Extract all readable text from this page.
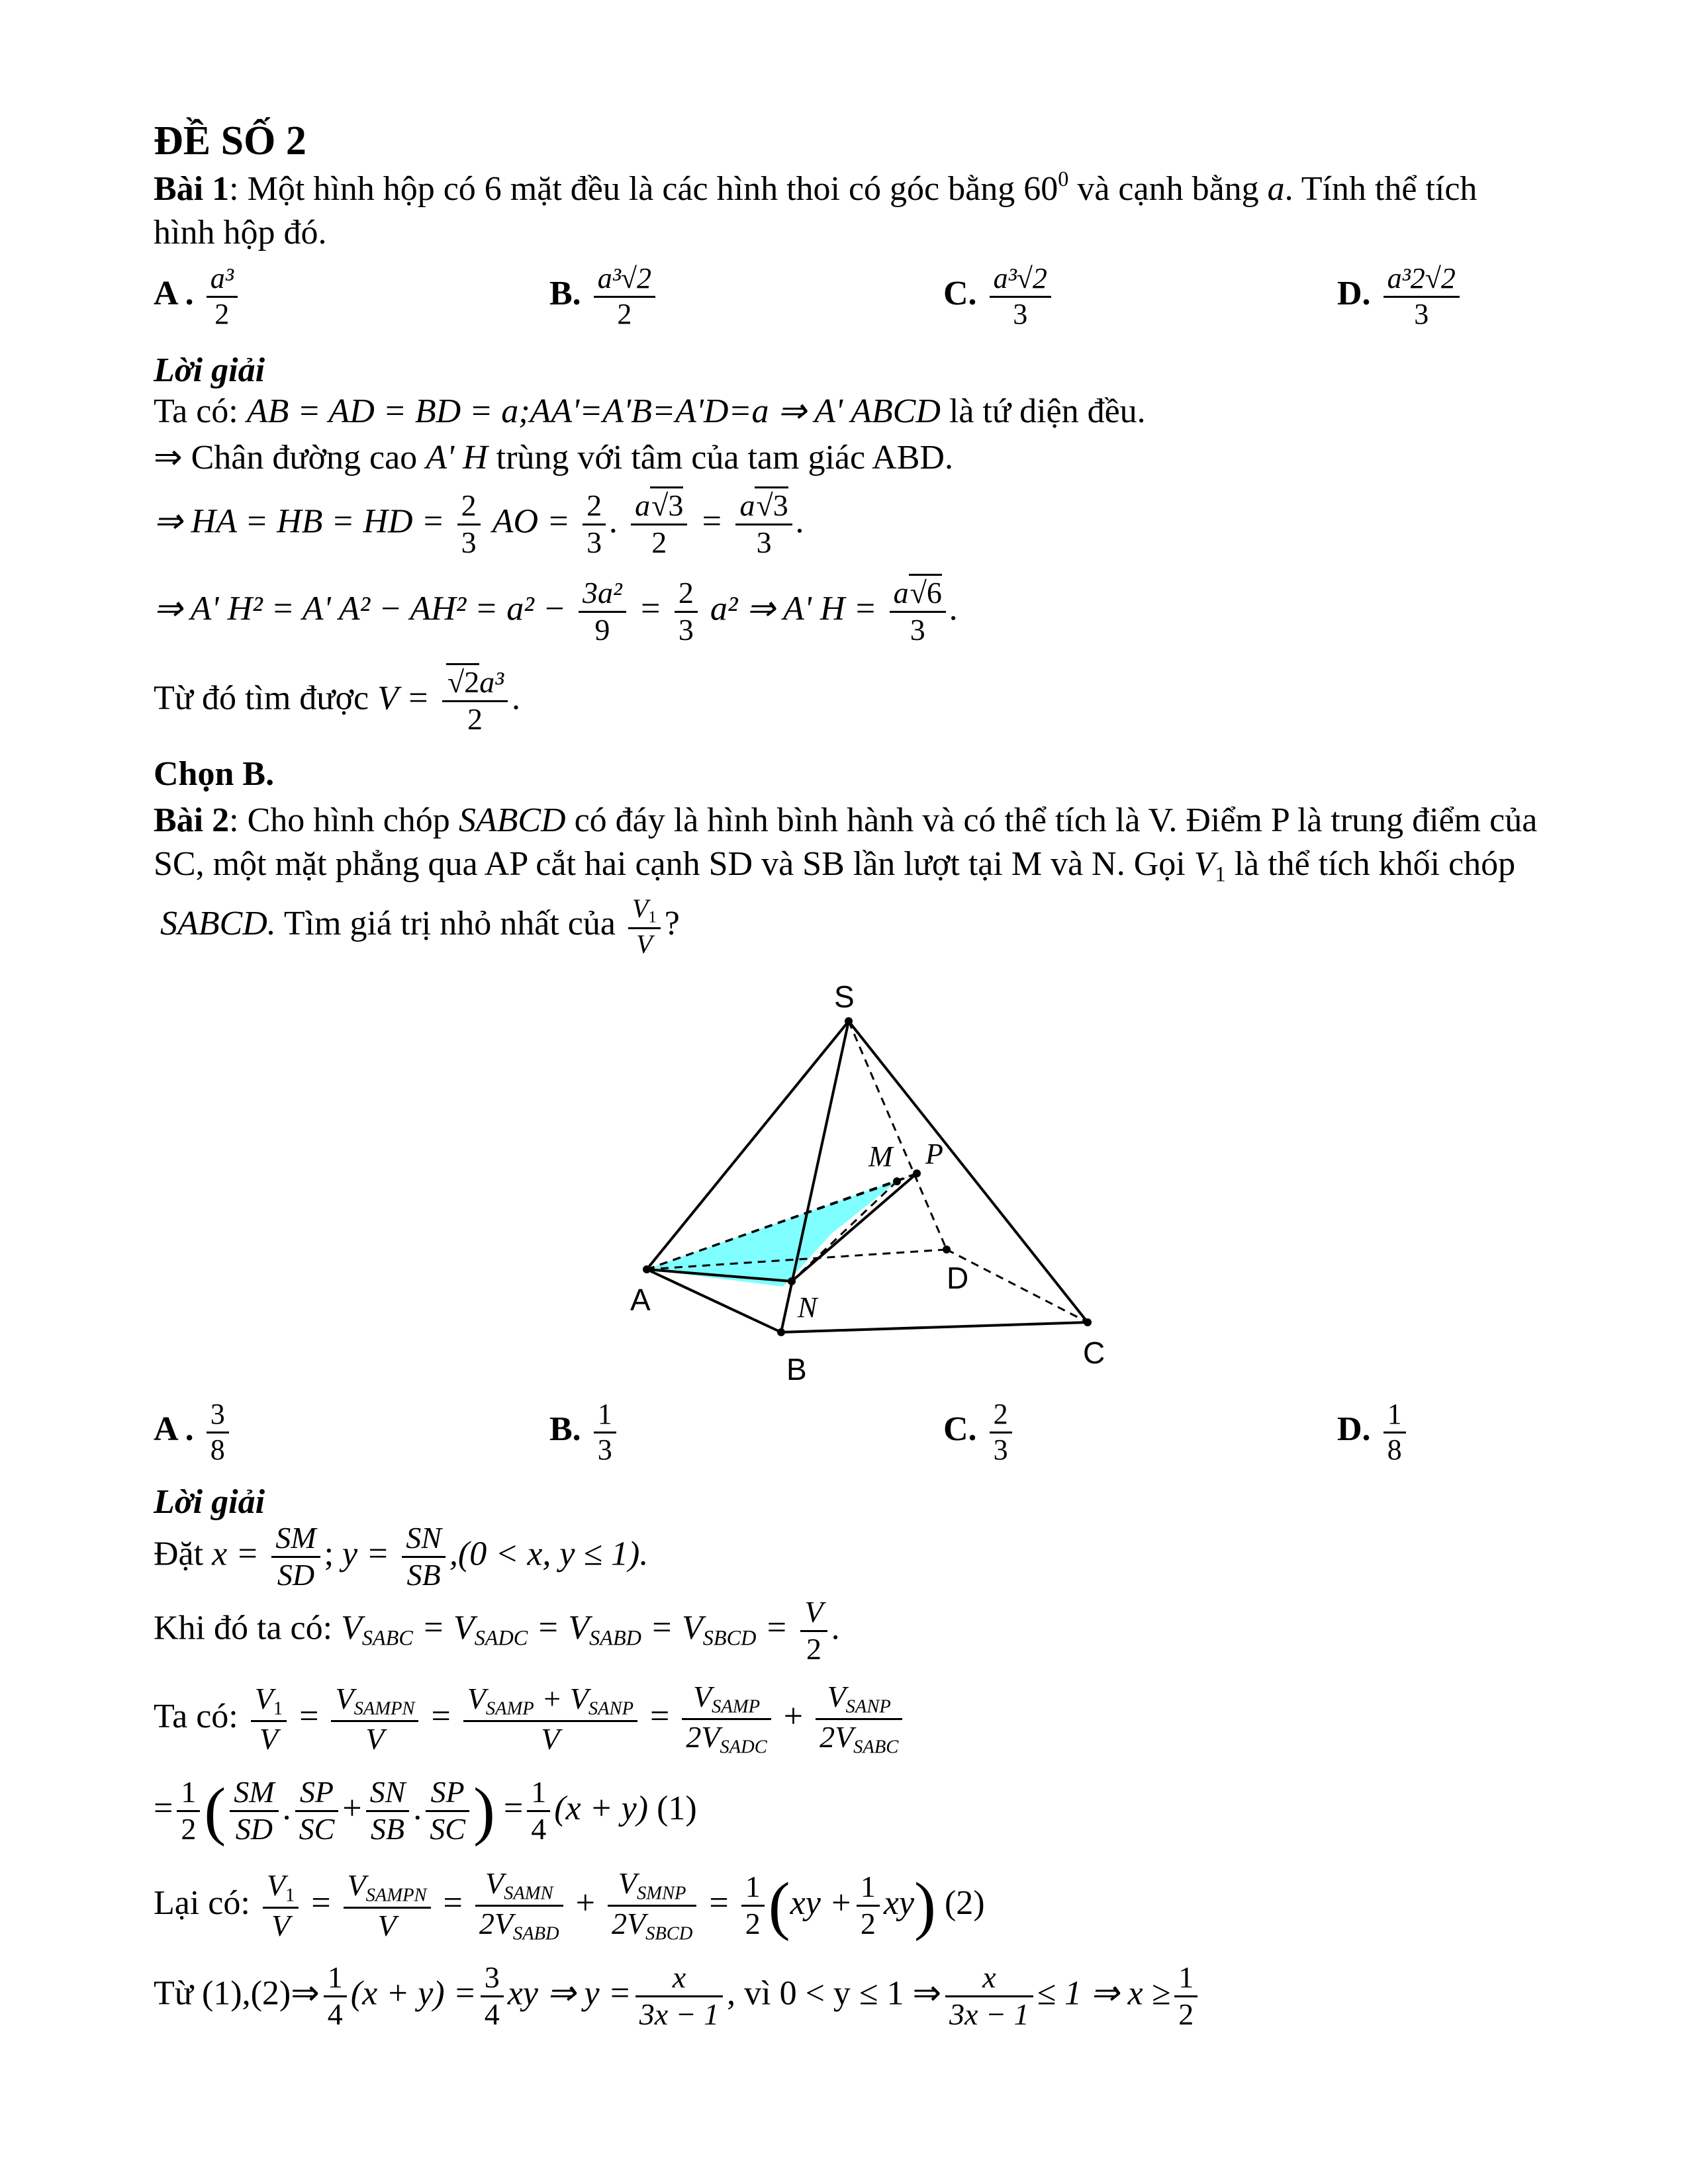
ĐỀ SỐ 2
Bài 1: Một hình hộp có 6 mặt đều là các hình thoi có góc bằng $60^0$ và cạnh bằng a. Tính thể tích
hình hộp đó.
A . $\frac{\text{a³}}{2}$	B. $\frac{\text{a³√2}}{2}$	C. $\frac{\text{a³√2}}{3}$	D. $\frac{\text{a³2√2}}{3}$
Lời giải
Ta có: AB = AD = BD = a;AA'=A'B=A'D=a ⇒ A' ABCD là tứ diện đều.
⇒ Chân đường cao A' H trùng với tâm của tam giác ABD.
⇒ HA = HB = HD = $\frac{2}{3}$ AO = $\frac{2}{3}$ . $\frac{a√3}{2} = \frac{a√3}{3}$ .
⇒ A' H² = A' $A^2 - AH^2 = a^2 - \frac{\text{3a²}}{9} = \frac{2}{3} a^2$ ⇒ A' $H = \frac{a√6}{3}$ .
Từ đó tìm được $V = \frac{\text{√2a³}}{2}$ .
Chọn B.
Bài 2: Cho hình chóp SABCD có đáy là hình bình hành và có thể tích là V. Điểm P là trung điểm của
SC, một mặt phẳng qua AP cắt hai cạnh SD và SB lần lượt tại M và N. Gọi $V_1$ là thể tích khối chóp
SABCD. Tìm giá trị nhỏ nhất của $\frac{V_1}{V}$ ?
S
A
B	C
D
M P
N
A . $\frac{3}{8}$	B. $\frac{1}{3}$	C. $\frac{2}{3}$	D. $\frac{1}{8}$
Lời giải
Đặt $x = \frac{SM}{SD}$ ; $y = \frac{SN}{SB} ,(0 < x$, y ≤ 1).
Khi đó ta có: $V_{SABC} = V_{SADC} = V_{SABD} = V_{SBCD} = \frac{V}{2}$ .
Ta có: $\frac{V_1}{V} = \frac{V_{SAMPN}}{V} = \frac{V_{SAMP} + V_{SANP}}{V} = \frac{V_{SAMP}}{2V_{SADC}} + \frac{V_{SANP}}{2V_{SABC}}$
= $\frac{1}{2}$ ( $\frac{SM}{SD}$ . $\frac{SP}{SC} + \frac{SN}{SB}$ . $\frac{SP}{SC}$ ) = $\frac{1}{4} (x + y)$ (1)
Lại có: $\frac{V_1}{V} = \frac{V_{SAMPN}}{V} = \frac{V_{SAMN}}{2V_{SABD}} + \frac{V_{SMNP}}{2V_{SBCD}} = \frac{1}{2} (xy + \frac{1}{2} xy)$ (2)
Từ (1),(2)⇒ $\frac{1}{4} (x + y) = \frac{3}{4}$ xy ⇒ $y = \frac{x}{3x - 1}$ , vì 0 < y ≤ 1 ⇒ $\frac{x}{3x - 1} \le 1$ ⇒ $x \ge \frac{1}{2}$
